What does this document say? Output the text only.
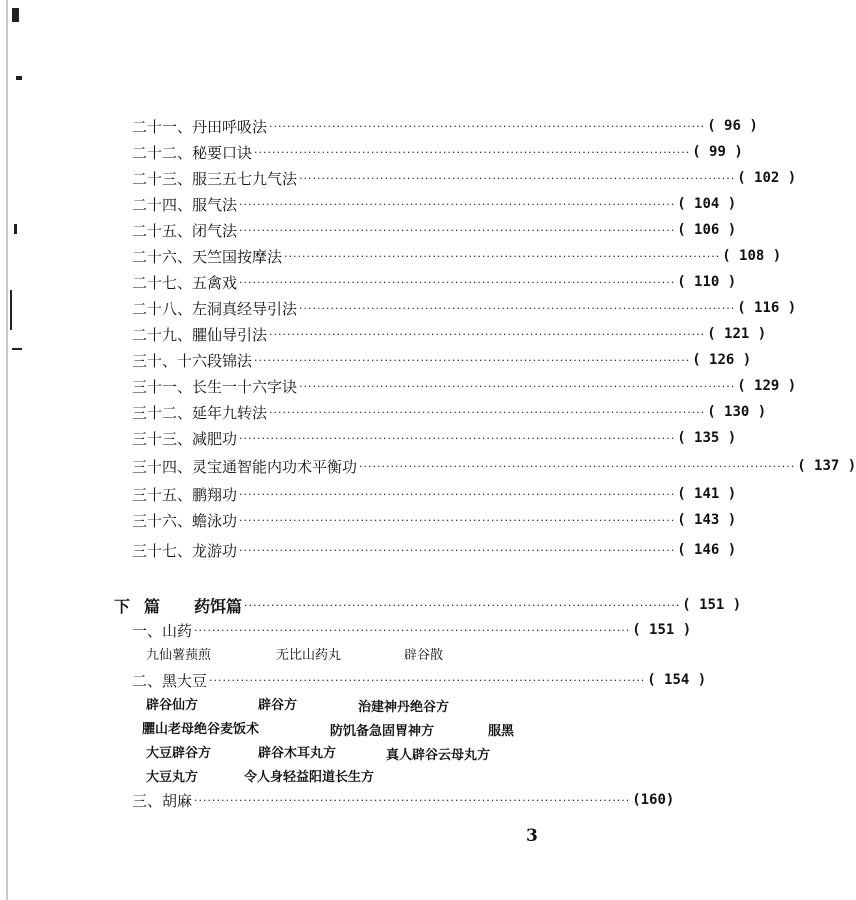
二十一、丹田呼吸法 ································································································· ( 96 )
二十二、秘要口诀 ································································································· ( 99 )
二十三、服三五七九气法 ································································································· ( 102 )
二十四、服气法 ································································································· ( 104 )
二十五、闭气法 ································································································· ( 106 )
二十六、天竺国按摩法 ································································································· ( 108 )
二十七、五禽戏 ································································································· ( 110 )
二十八、左洞真经导引法 ································································································· ( 116 )
二十九、臞仙导引法 ································································································· ( 121 )
三十、十六段锦法 ································································································· ( 126 )
三十一、长生一十六字诀 ································································································· ( 129 )
三十二、延年九转法 ································································································· ( 130 )
三十三、减肥功 ································································································· ( 135 )
三十四、灵宝通智能内功术平衡功 ································································································· ( 137 )
三十五、鹏翔功 ································································································· ( 141 )
三十六、蟾泳功 ································································································· ( 143 )
三十七、龙游功 ································································································· ( 146 )
下 篇 药饵篇 ································································································· ( 151 )
一、山药 ································································································· ( 151 )
九仙薯蓣煎	无比山药丸	辟谷散
二、黑大豆 ································································································· ( 154 )
辟谷仙方	辟谷方	治建神丹绝谷方
臞山老母绝谷麦饭术	防饥备急固胃神方	服黑
大豆辟谷方	辟谷木耳丸方	真人辟谷云母丸方
大豆丸方	令人身轻益阳道长生方
三、胡麻 ································································································· (160)
3
